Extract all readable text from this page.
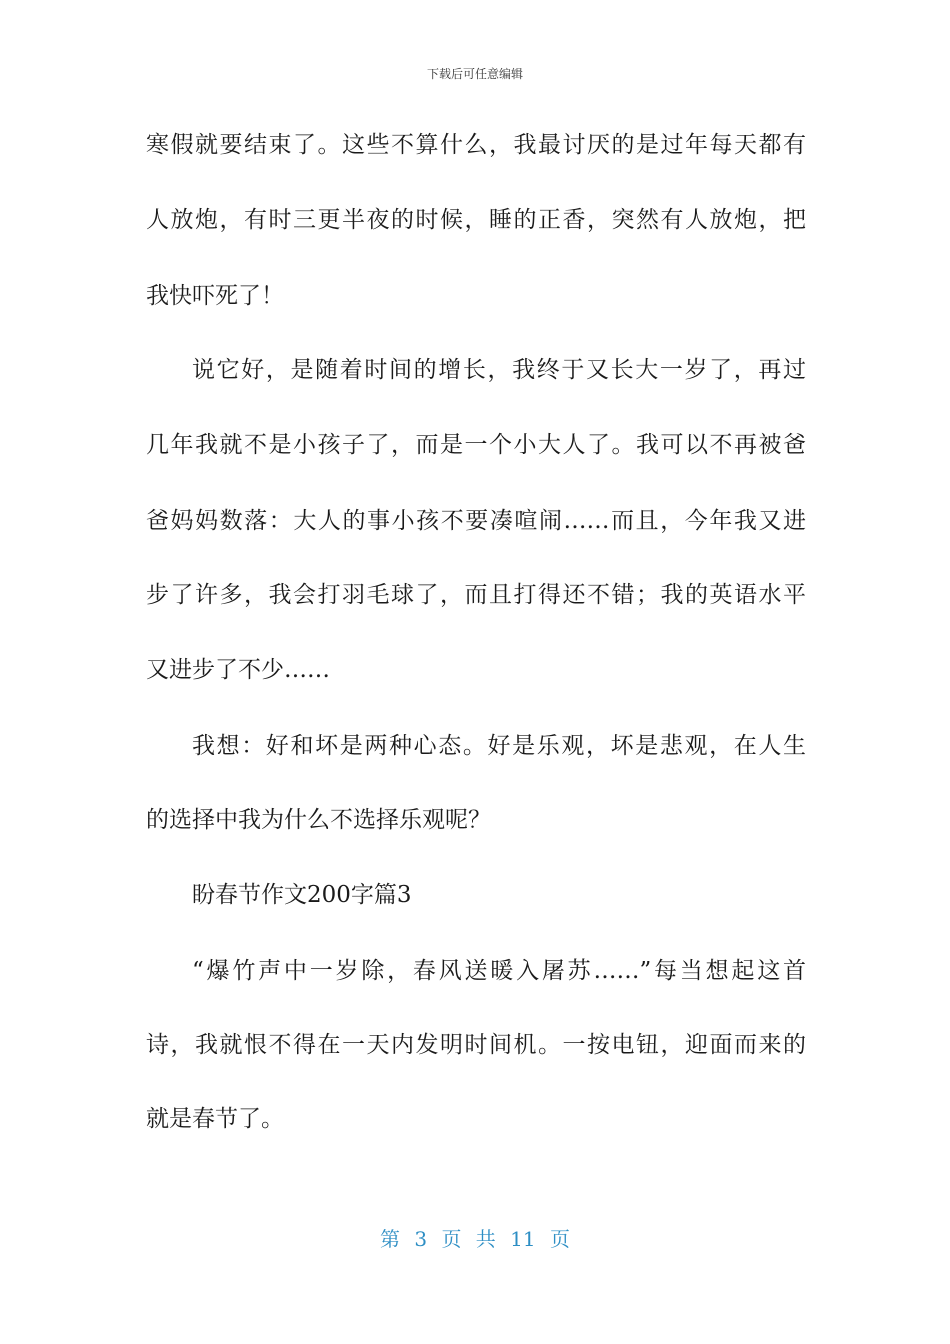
下载后可任意编辑
寒假就要结束了。这些不算什么，我最讨厌的是过年每天都有
人放炮，有时三更半夜的时候，睡的正香，突然有人放炮，把
我快吓死了！
说它好，是随着时间的增长，我终于又长大一岁了，再过
几年我就不是小孩子了，而是一个小大人了。我可以不再被爸
爸妈妈数落：大人的事小孩不要凑喧闹……而且，今年我又进
步了许多，我会打羽毛球了，而且打得还不错；我的英语水平
又进步了不少……
我想：好和坏是两种心态。好是乐观，坏是悲观，在人生
的选择中我为什么不选择乐观呢？
盼春节作文200字篇3
“爆竹声中一岁除，春风送暖入屠苏……”每当想起这首
诗，我就恨不得在一天内发明时间机。一按电钮，迎面而来的
就是春节了。
第 3 页 共 11 页
